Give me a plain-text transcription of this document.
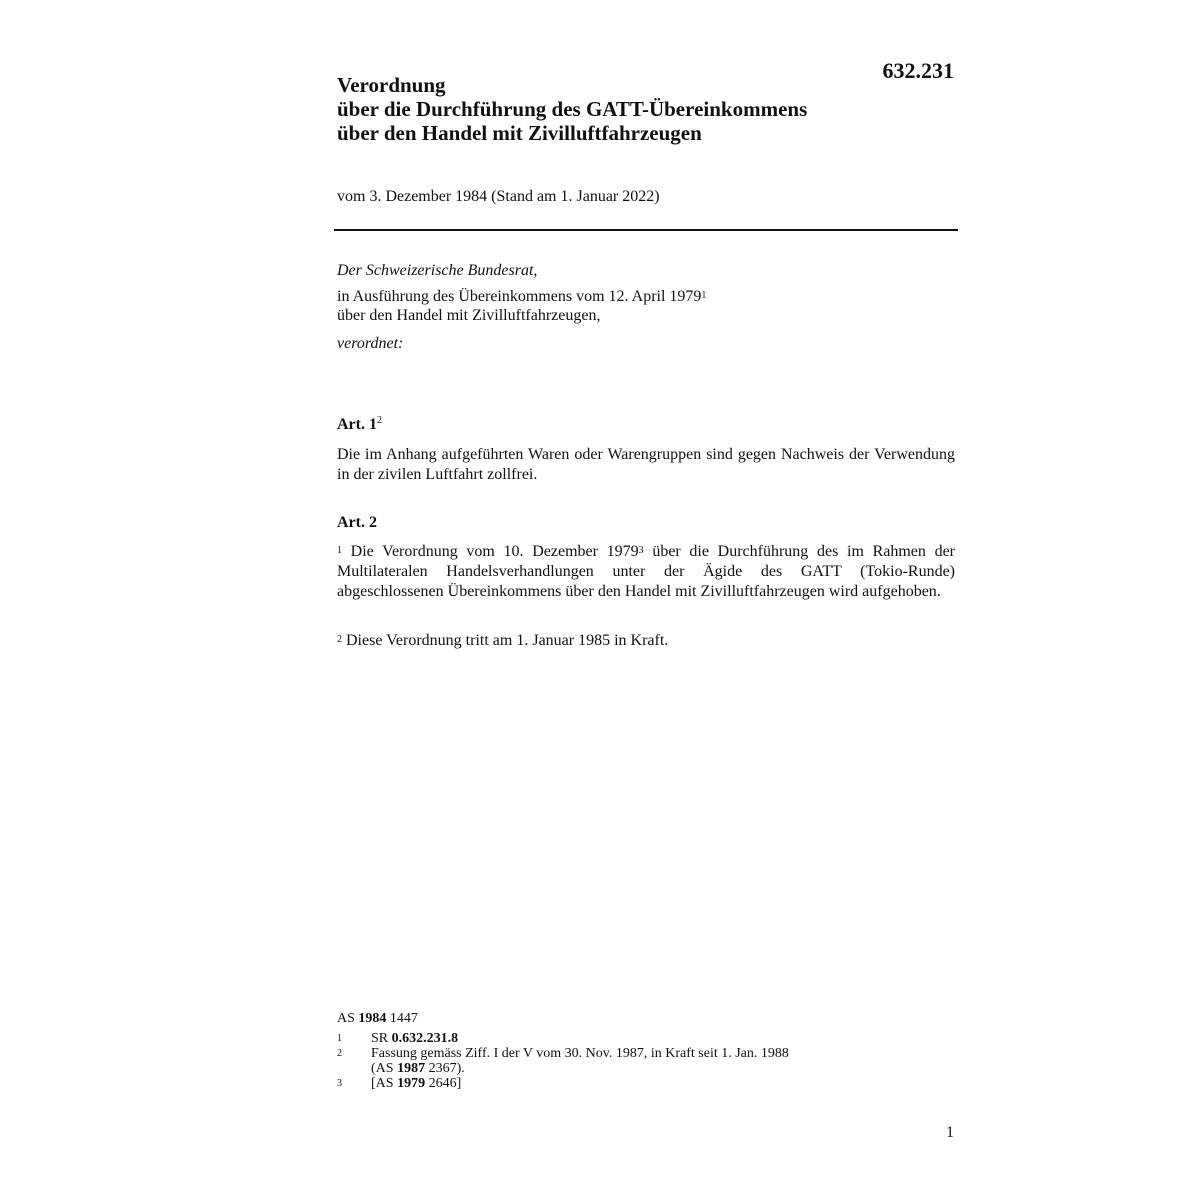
632.231
Verordnung
über die Durchführung des GATT-Übereinkommens
über den Handel mit Zivilluftfahrzeugen
vom 3. Dezember 1984 (Stand am 1. Januar 2022)
Der Schweizerische Bundesrat,
in Ausführung des Übereinkommens vom 12. April 1979$^1$
über den Handel mit Zivilluftfahrzeugen,
verordnet:
Art. $1^2$
Die im Anhang aufgeführten Waren oder Warengruppen sind gegen Nachweis der Verwendung in der zivilen Luftfahrt zollfrei.
Art. 2
$^1$ Die Verordnung vom 10. Dezember 1979$^3$ über die Durchführung des im Rahmen der Multilateralen Handelsverhandlungen unter der Ägide des GATT (Tokio-Runde) abgeschlossenen Übereinkommens über den Handel mit Zivilluftfahrzeugen wird aufgehoben.
$^2$ Diese Verordnung tritt am 1. Januar 1985 in Kraft.
AS 1984 1447
1	SR 0.632.231.8
2	Fassung gemäss Ziff. I der V vom 30. Nov. 1987, in Kraft seit 1. Jan. 1988
(AS 1987 2367).
3	[AS 1979 2646]
1
